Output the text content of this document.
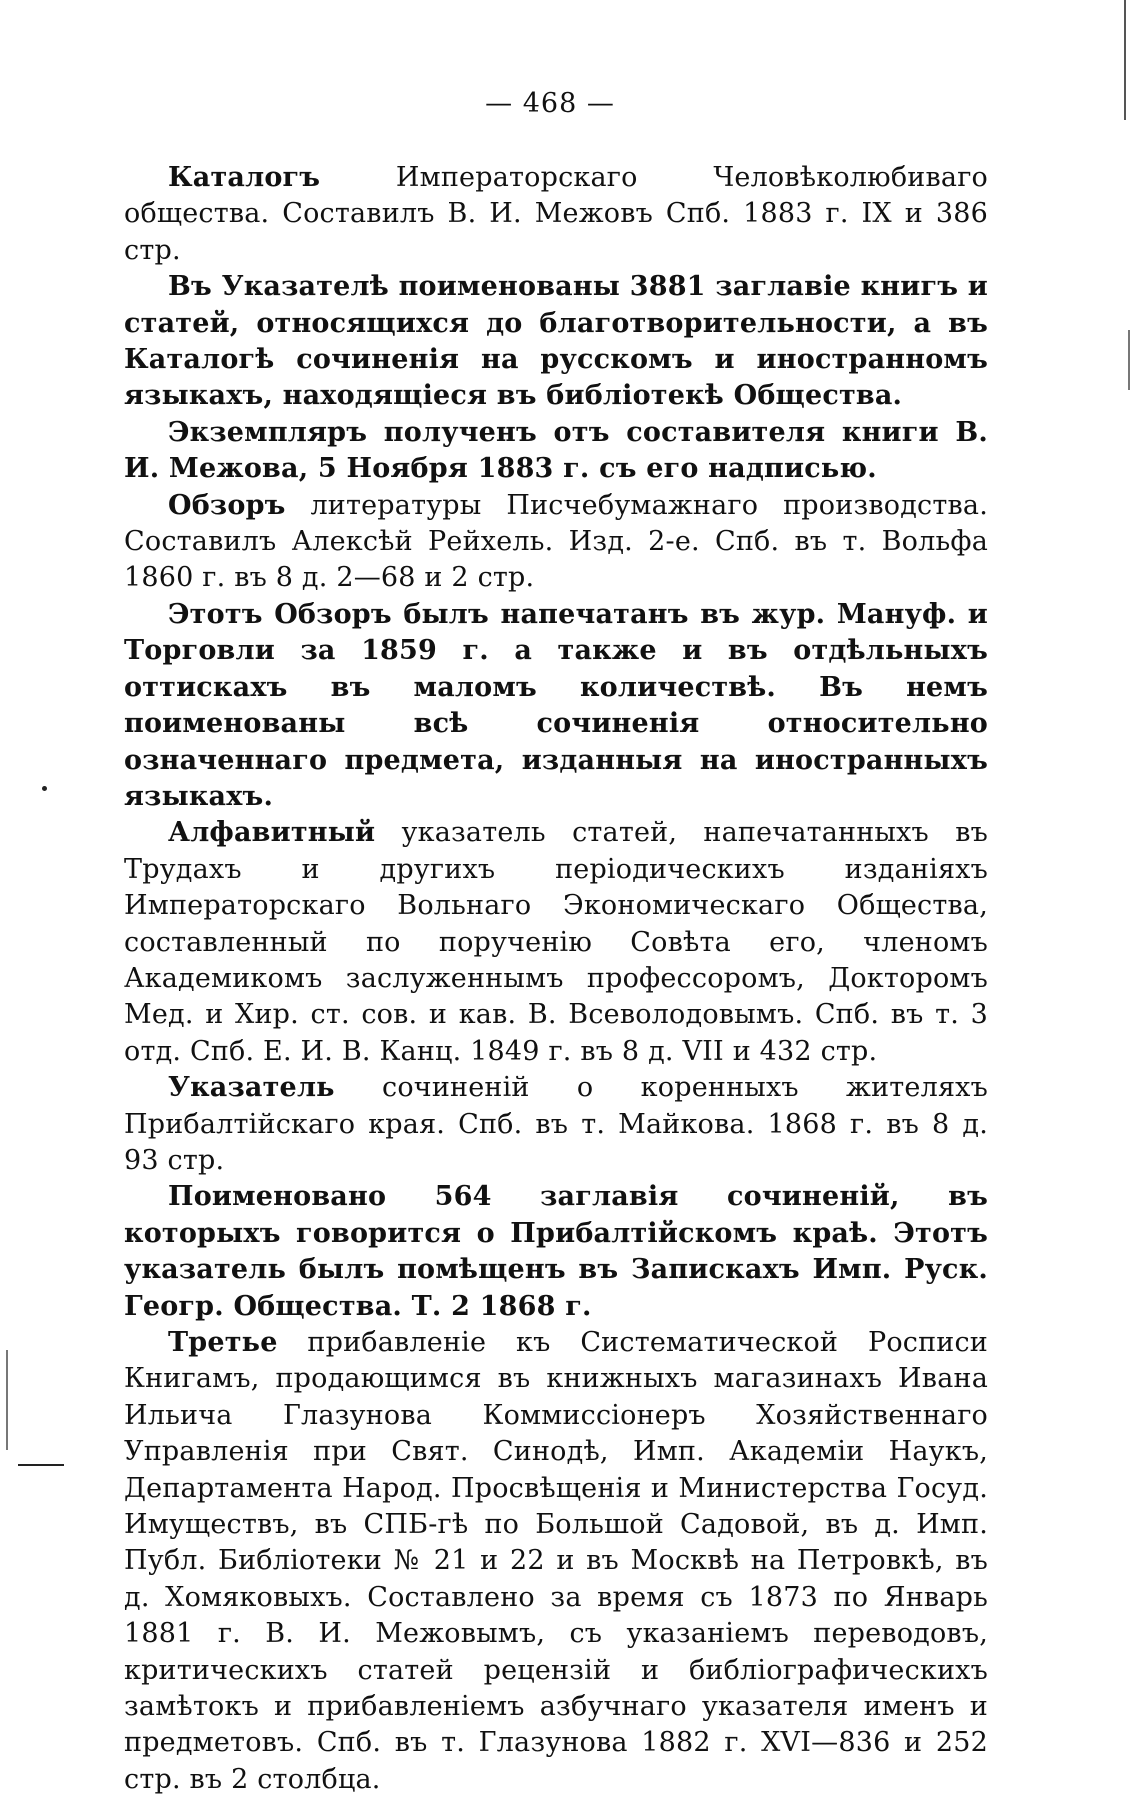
— 468 —

Каталогъ Императорскаго Человѣколюбиваго общества. Составилъ В. И. Межовъ Спб. 1883 г. IX и 386 стр.

Въ Указателѣ поименованы 3881 заглавіе книгъ и статей, относящихся до благотворительности, а въ Каталогѣ сочиненія на русскомъ и иностранномъ языкахъ, находящіеся въ библіотекѣ Общества.

Экземпляръ полученъ отъ составителя книги В. И. Межова, 5 Ноября 1883 г. съ его надписью.

Обзоръ литературы Писчебумажнаго производства. Составилъ Алексѣй Рейхель. Изд. 2-е. Спб. въ т. Вольфа 1860 г. въ 8 д. 2—68 и 2 стр.

Этотъ Обзоръ былъ напечатанъ въ жур. Мануф. и Торговли за 1859 г. а также и въ отдѣльныхъ оттискахъ въ маломъ количествѣ. Въ немъ поименованы всѣ сочиненія относительно означеннаго предмета, изданныя на иностранныхъ языкахъ.

Алфавитный указатель статей, напечатанныхъ въ Трудахъ и другихъ періодическихъ изданіяхъ Императорскаго Вольнаго Экономическаго Общества, составленный по порученію Совѣта его, членомъ Академикомъ заслуженнымъ профессоромъ, Докторомъ Мед. и Хир. ст. сов. и кав. В. Всеволодовымъ. Спб. въ т. 3 отд. Спб. Е. И. В. Канц. 1849 г. въ 8 д. VII и 432 стр.

Указатель сочиненій о коренныхъ жителяхъ Прибалтійскаго края. Спб. въ т. Майкова. 1868 г. въ 8 д. 93 стр.

Поименовано 564 заглавія сочиненій, въ которыхъ говорится о Прибалтійскомъ краѣ. Этотъ указатель былъ помѣщенъ въ Запискахъ Имп. Руск. Геогр. Общества. Т. 2 1868 г.

Третье прибавленіе къ Систематической Росписи Книгамъ, продающимся въ книжныхъ магазинахъ Ивана Ильича Глазунова Коммиссіонеръ Хозяйственнаго Управленія при Свят. Синодѣ, Имп. Академіи Наукъ, Департамента Народ. Просвѣщенія и Министерства Госуд. Имуществъ, въ СПБ-гѣ по Большой Садовой, въ д. Имп. Публ. Библіотеки № 21 и 22 и въ Москвѣ на Петровкѣ, въ д. Хомяковыхъ. Составлено за время съ 1873 по Январь 1881 г. В. И. Межовымъ, съ указаніемъ переводовъ, критическихъ статей рецензій и библіографическихъ замѣтокъ и прибавленіемъ азбучнаго указателя именъ и предметовъ. Спб. въ т. Глазунова 1882 г. XVI—836 и 252 стр. въ 2 столбца.
